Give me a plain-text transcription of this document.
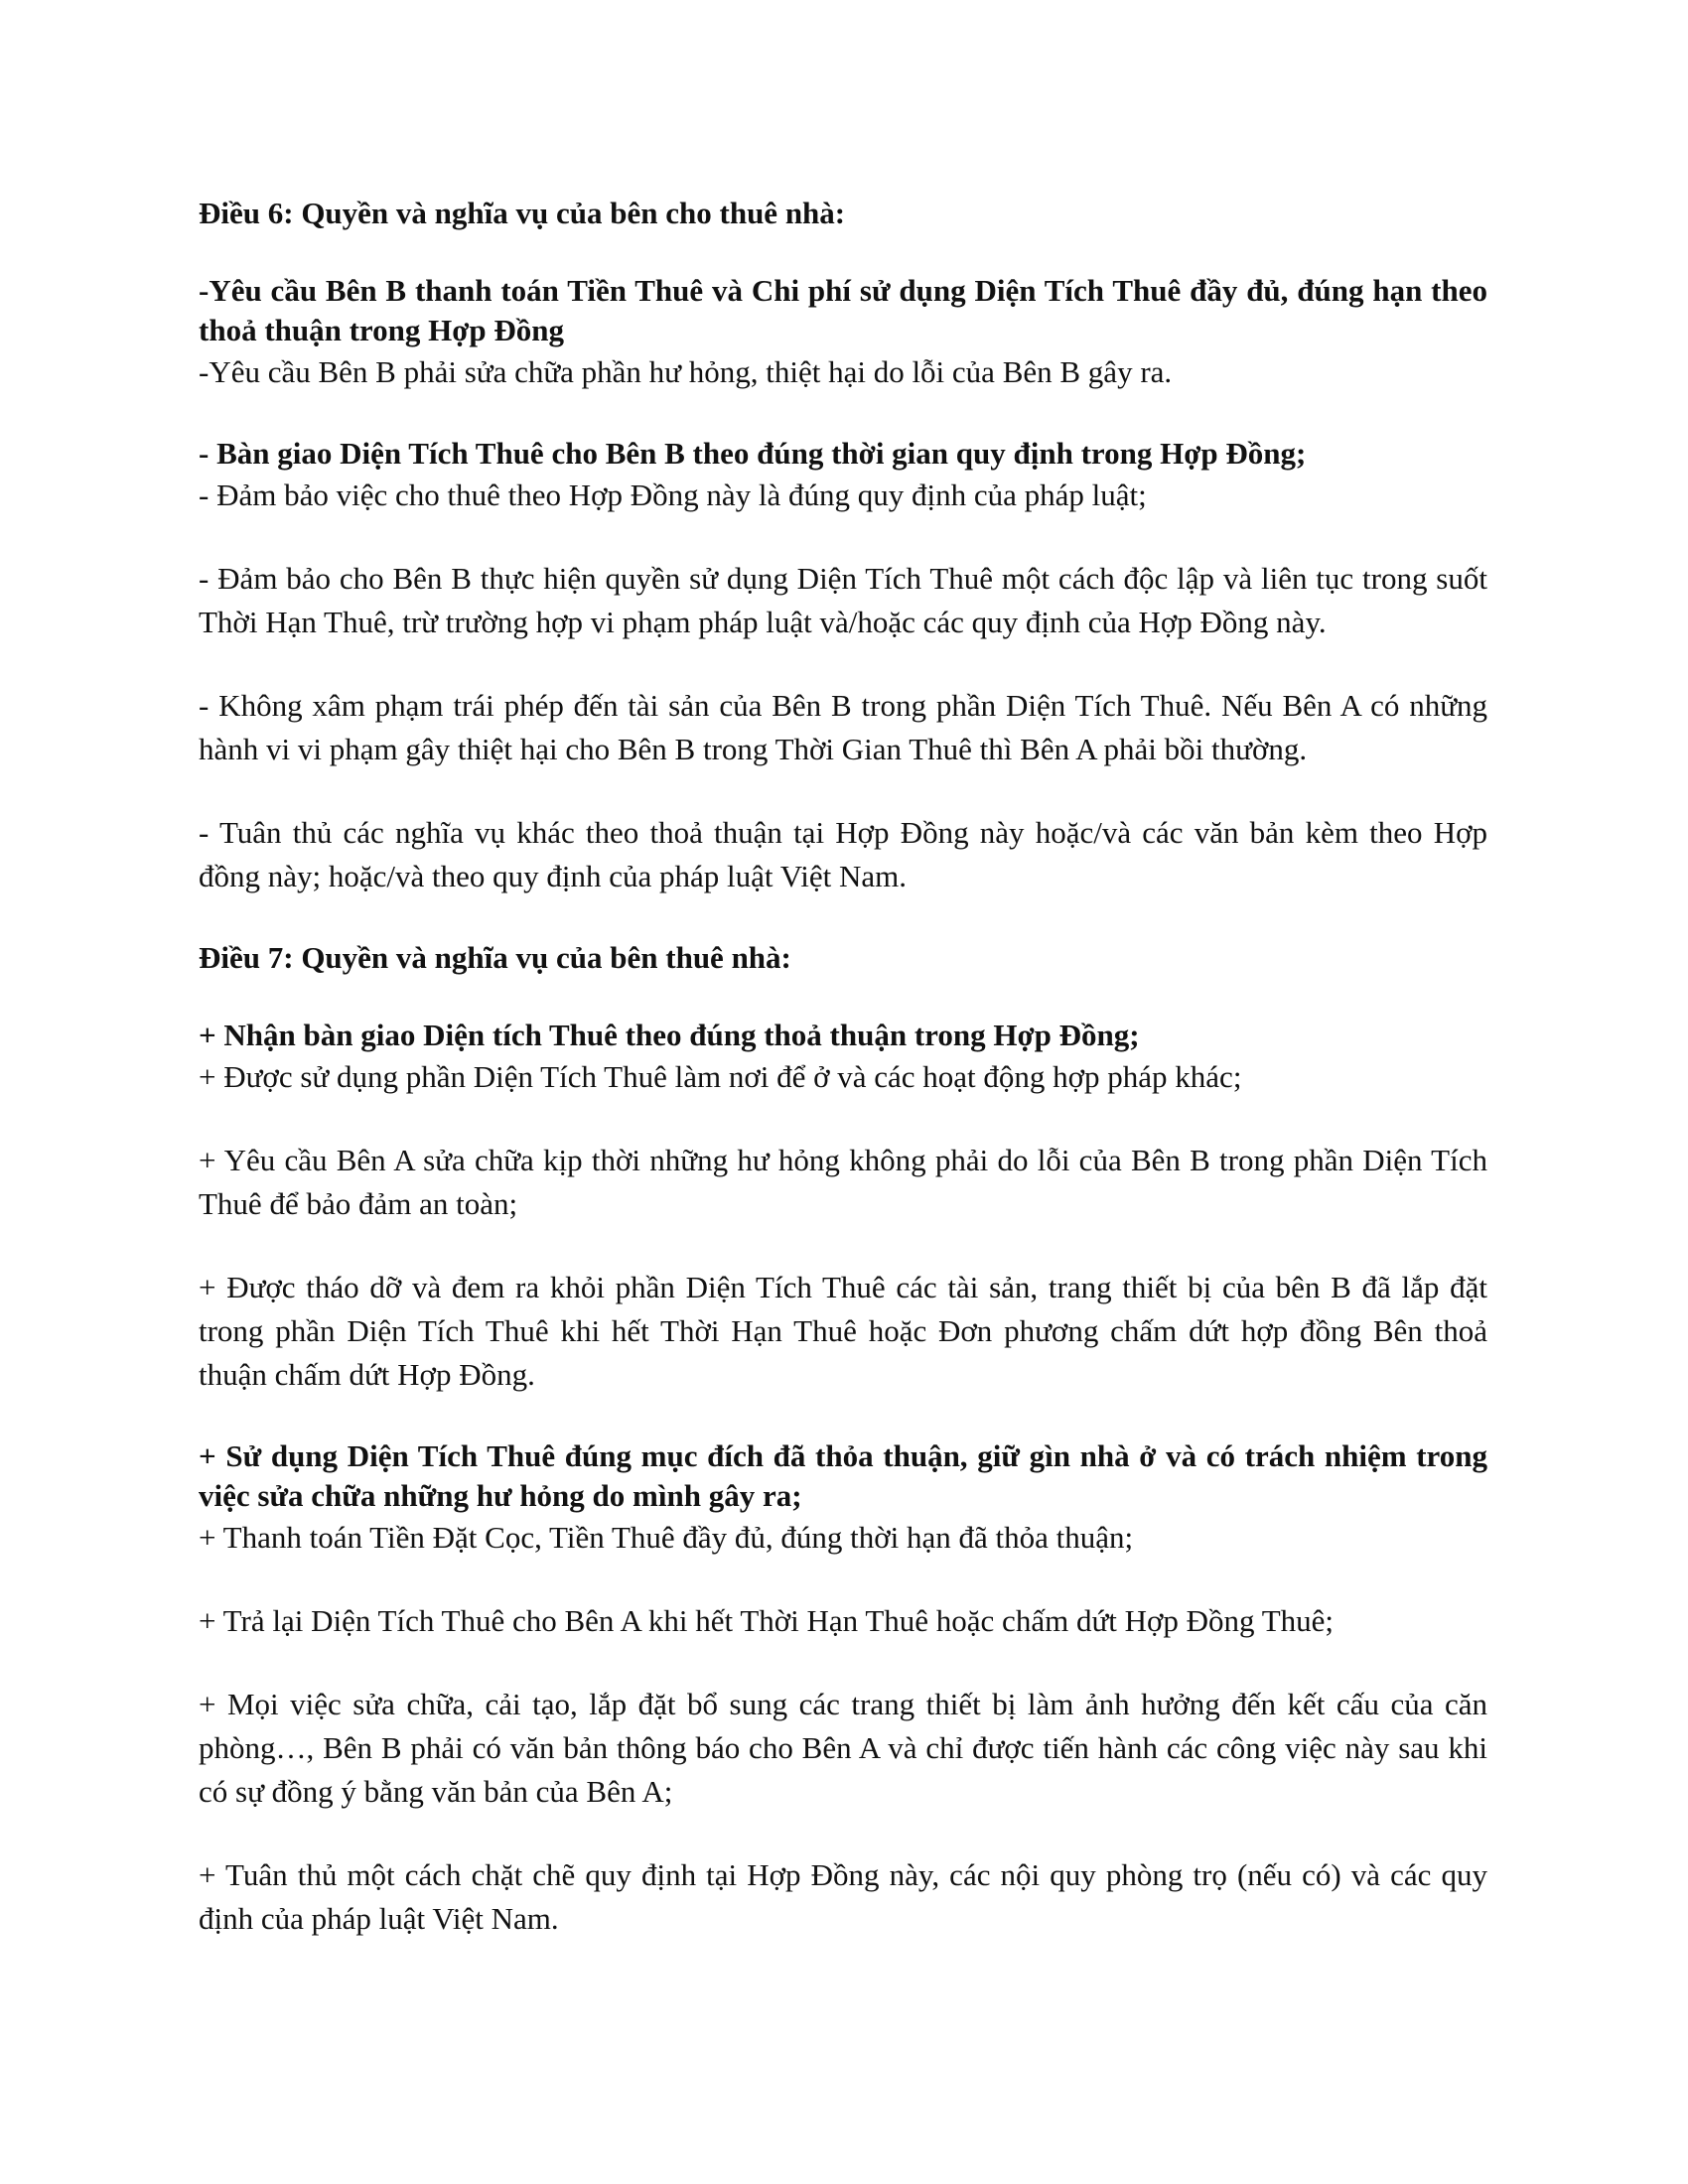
Điều 6: Quyền và nghĩa vụ của bên cho thuê nhà:

-Yêu cầu Bên B thanh toán Tiền Thuê và Chi phí sử dụng Diện Tích Thuê đầy đủ, đúng hạn theo thoả thuận trong Hợp Đồng

-Yêu cầu Bên B phải sửa chữa phần hư hỏng, thiệt hại do lỗi của Bên B gây ra.

- Bàn giao Diện Tích Thuê cho Bên B theo đúng thời gian quy định trong Hợp Đồng;

- Đảm bảo việc cho thuê theo Hợp Đồng này là đúng quy định của pháp luật;

- Đảm bảo cho Bên B thực hiện quyền sử dụng Diện Tích Thuê một cách độc lập và liên tục trong suốt Thời Hạn Thuê, trừ trường hợp vi phạm pháp luật và/hoặc các quy định của Hợp Đồng này.

- Không xâm phạm trái phép đến tài sản của Bên B trong phần Diện Tích Thuê. Nếu Bên A có những hành vi vi phạm gây thiệt hại cho Bên B trong Thời Gian Thuê thì Bên A phải bồi thường.

- Tuân thủ các nghĩa vụ khác theo thoả thuận tại Hợp Đồng này hoặc/và các văn bản kèm theo Hợp đồng này; hoặc/và theo quy định của pháp luật Việt Nam.

Điều 7: Quyền và nghĩa vụ của bên thuê nhà:

+ Nhận bàn giao Diện tích Thuê theo đúng thoả thuận trong Hợp Đồng;

+ Được sử dụng phần Diện Tích Thuê làm nơi để ở và các hoạt động hợp pháp khác;

+ Yêu cầu Bên A sửa chữa kịp thời những hư hỏng không phải do lỗi của Bên B trong phần Diện Tích Thuê để bảo đảm an toàn;

+ Được tháo dỡ và đem ra khỏi phần Diện Tích Thuê các tài sản, trang thiết bị của bên B đã lắp đặt trong phần Diện Tích Thuê khi hết Thời Hạn Thuê hoặc Đơn phương chấm dứt hợp đồng Bên thoả thuận chấm dứt Hợp Đồng.

+ Sử dụng Diện Tích Thuê đúng mục đích đã thỏa thuận, giữ gìn nhà ở và có trách nhiệm trong việc sửa chữa những hư hỏng do mình gây ra;

+ Thanh toán Tiền Đặt Cọc, Tiền Thuê đầy đủ, đúng thời hạn đã thỏa thuận;

+ Trả lại Diện Tích Thuê cho Bên A khi hết Thời Hạn Thuê hoặc chấm dứt Hợp Đồng Thuê;

+ Mọi việc sửa chữa, cải tạo, lắp đặt bổ sung các trang thiết bị làm ảnh hưởng đến kết cấu của căn phòng…, Bên B phải có văn bản thông báo cho Bên A và chỉ được tiến hành các công việc này sau khi có sự đồng ý bằng văn bản của Bên A;

+ Tuân thủ một cách chặt chẽ quy định tại Hợp Đồng này, các nội quy phòng trọ (nếu có) và các quy định của pháp luật Việt Nam.
